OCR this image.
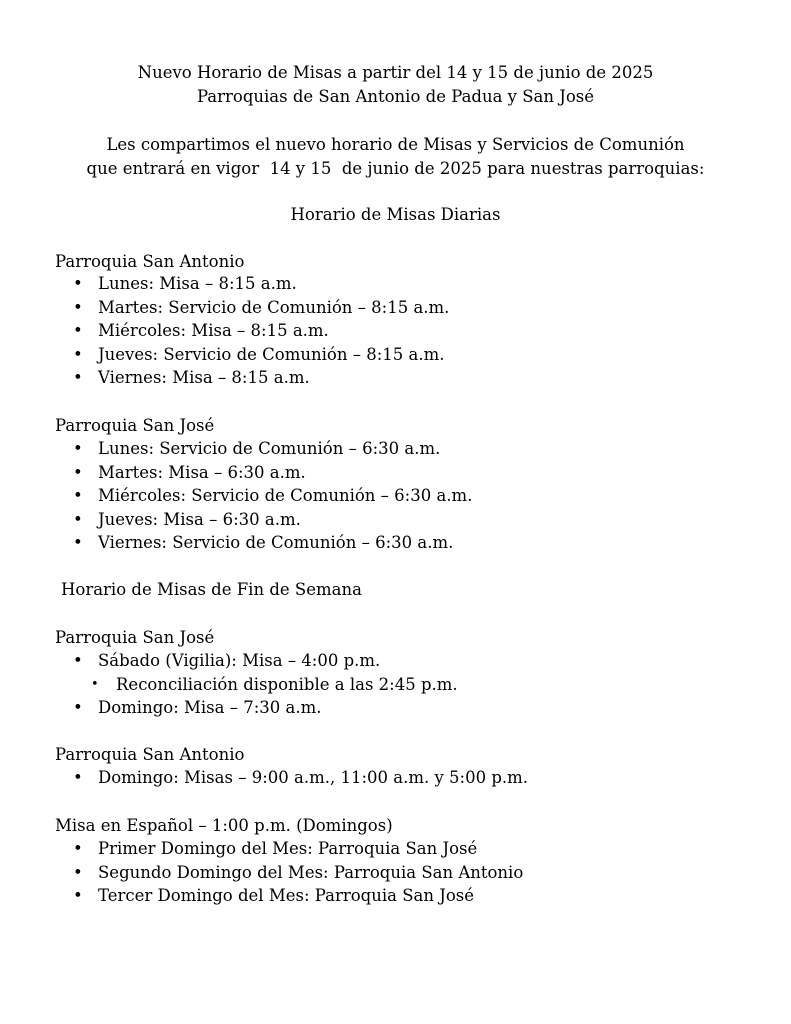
Nuevo Horario de Misas a partir del 14 y 15 de junio de 2025
Parroquias de San Antonio de Padua y San José
Les compartimos el nuevo horario de Misas y Servicios de Comunión
que entrará en vigor  14 y 15  de junio de 2025 para nuestras parroquias:
Horario de Misas Diarias
Parroquia San Antonio
• Lunes: Misa – 8:15 a.m.
• Martes: Servicio de Comunión – 8:15 a.m.
• Miércoles: Misa – 8:15 a.m.
• Jueves: Servicio de Comunión – 8:15 a.m.
• Viernes: Misa – 8:15 a.m.
Parroquia San José
• Lunes: Servicio de Comunión – 6:30 a.m.
• Martes: Misa – 6:30 a.m.
• Miércoles: Servicio de Comunión – 6:30 a.m.
• Jueves: Misa – 6:30 a.m.
• Viernes: Servicio de Comunión – 6:30 a.m.
Horario de Misas de Fin de Semana
Parroquia San José
• Sábado (Vigilia): Misa – 4:00 p.m.
• Reconciliación disponible a las 2:45 p.m.
• Domingo: Misa – 7:30 a.m.
Parroquia San Antonio
• Domingo: Misas – 9:00 a.m., 11:00 a.m. y 5:00 p.m.
Misa en Español – 1:00 p.m. (Domingos)
• Primer Domingo del Mes: Parroquia San José
• Segundo Domingo del Mes: Parroquia San Antonio
• Tercer Domingo del Mes: Parroquia San José
